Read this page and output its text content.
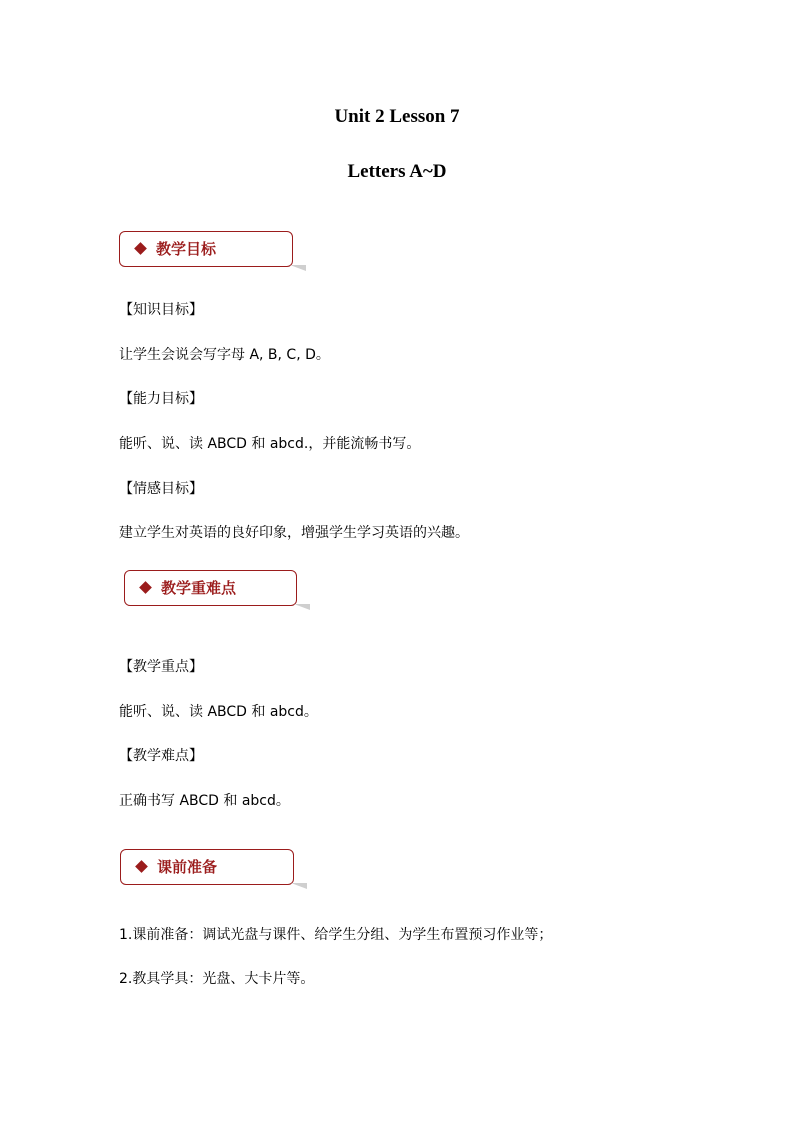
Unit 2 Lesson 7
Letters A~D
教学目标
【知识目标】
让学生会说会写字母 A, B, C, D。
【能力目标】
能听、说、读 ABCD 和 abcd.，并能流畅书写。
【情感目标】
建立学生对英语的良好印象，增强学生学习英语的兴趣。
教学重难点
【教学重点】
能听、说、读 ABCD 和 abcd。
【教学难点】
正确书写 ABCD 和 abcd。
课前准备
1.课前准备：调试光盘与课件、给学生分组、为学生布置预习作业等；
2.教具学具：光盘、大卡片等。
